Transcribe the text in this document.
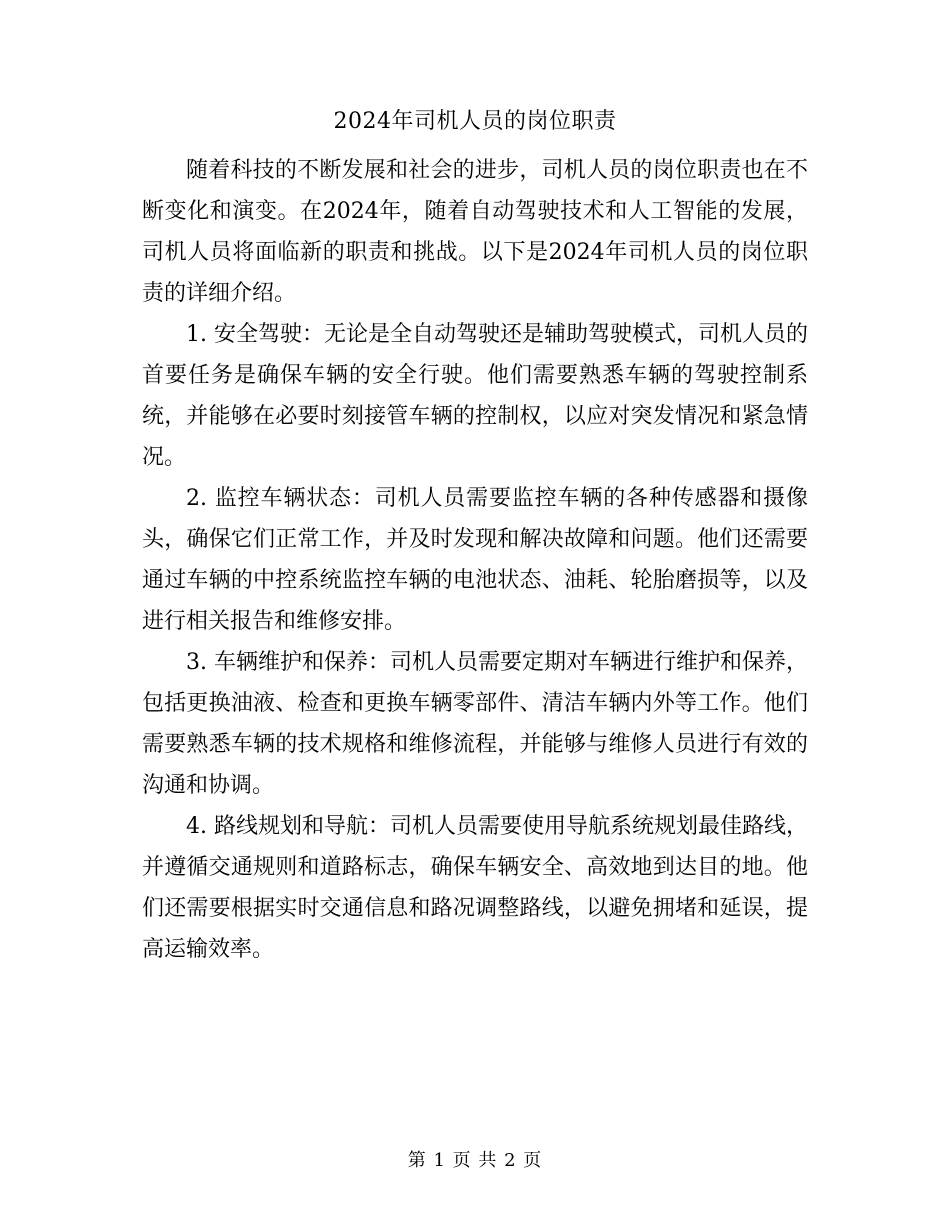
2024年司机人员的岗位职责

随着科技的不断发展和社会的进步，司机人员的岗位职责也在不断变化和演变。在2024年，随着自动驾驶技术和人工智能的发展，司机人员将面临新的职责和挑战。以下是2024年司机人员的岗位职责的详细介绍。

1. 安全驾驶：无论是全自动驾驶还是辅助驾驶模式，司机人员的首要任务是确保车辆的安全行驶。他们需要熟悉车辆的驾驶控制系统，并能够在必要时刻接管车辆的控制权，以应对突发情况和紧急情况。

2. 监控车辆状态：司机人员需要监控车辆的各种传感器和摄像头，确保它们正常工作，并及时发现和解决故障和问题。他们还需要通过车辆的中控系统监控车辆的电池状态、油耗、轮胎磨损等，以及进行相关报告和维修安排。

3. 车辆维护和保养：司机人员需要定期对车辆进行维护和保养，包括更换油液、检查和更换车辆零部件、清洁车辆内外等工作。他们需要熟悉车辆的技术规格和维修流程，并能够与维修人员进行有效的沟通和协调。

4. 路线规划和导航：司机人员需要使用导航系统规划最佳路线，并遵循交通规则和道路标志，确保车辆安全、高效地到达目的地。他们还需要根据实时交通信息和路况调整路线，以避免拥堵和延误，提高运输效率。

第 1 页 共 2 页
